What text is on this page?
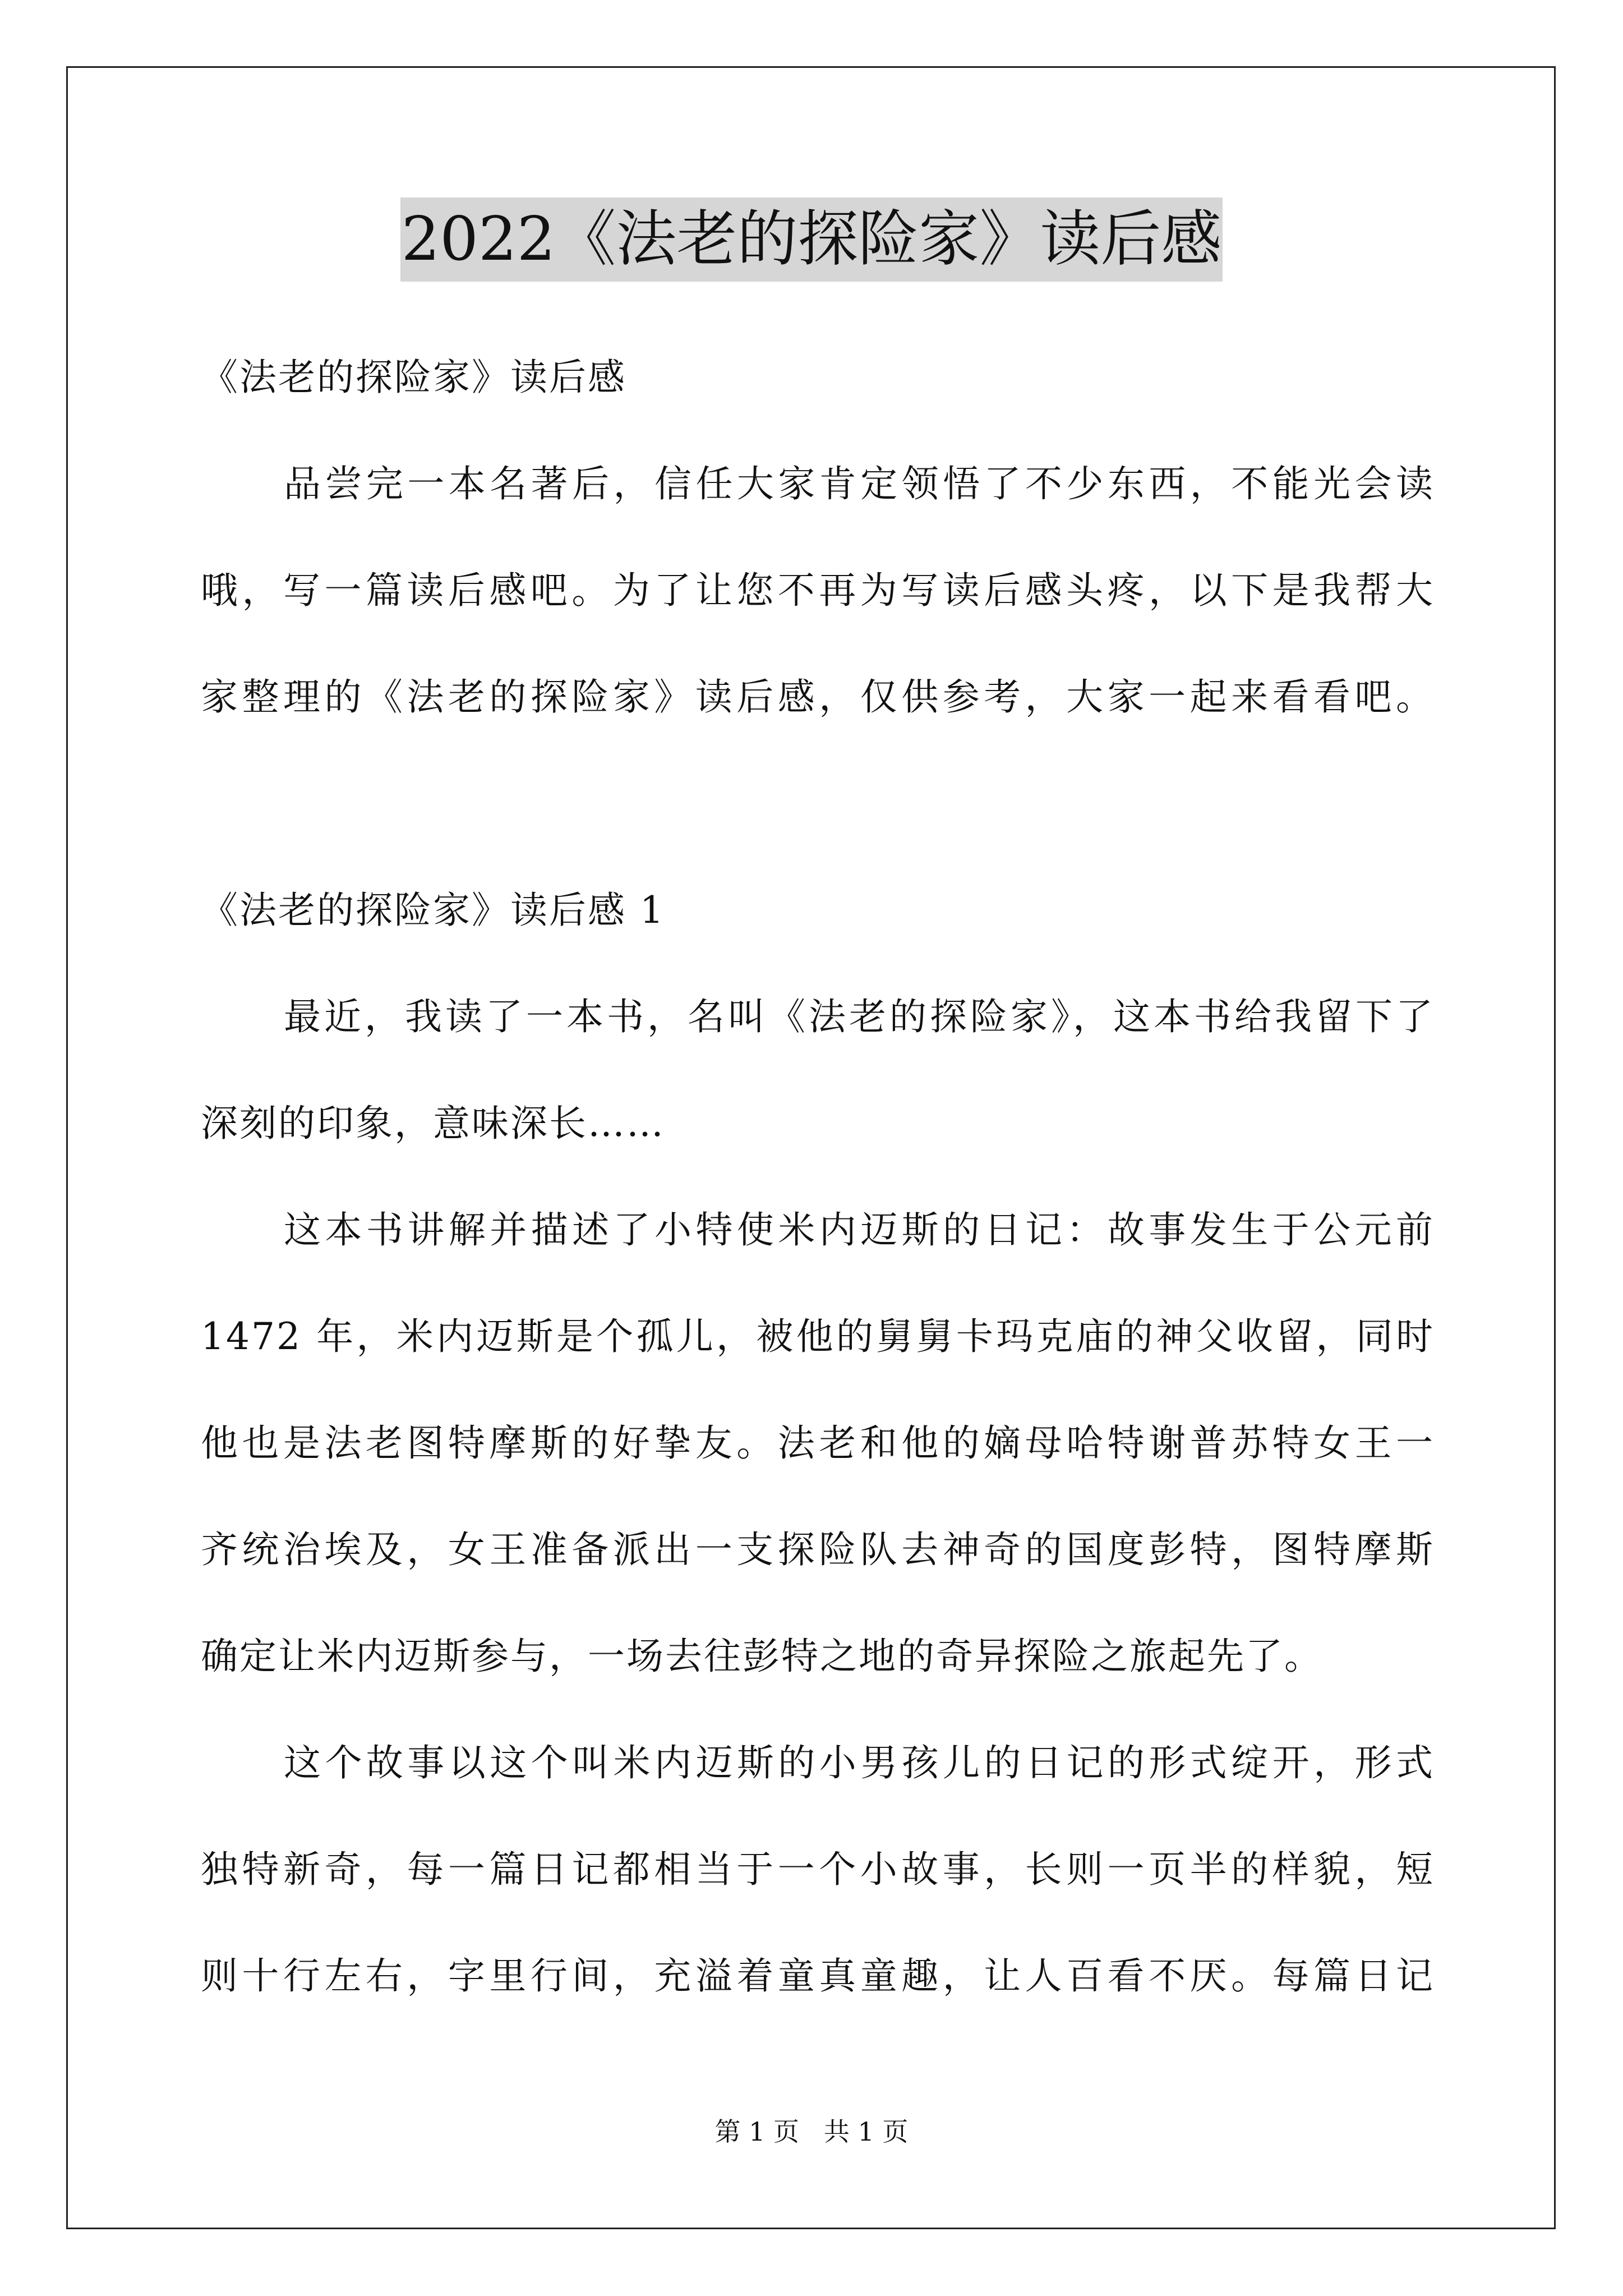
2022《法老的探险家》读后感
《法老的探险家》读后感
品尝完一本名著后，信任大家肯定领悟了不少东西，不能光会读
哦，写一篇读后感吧。为了让您不再为写读后感头疼，以下是我帮大
家整理的《法老的探险家》读后感，仅供参考，大家一起来看看吧。
《法老的探险家》读后感 1
最近，我读了一本书，名叫《法老的探险家》，这本书给我留下了
深刻的印象，意味深长……
这本书讲解并描述了小特使米内迈斯的日记：故事发生于公元前
1472 年，米内迈斯是个孤儿，被他的舅舅卡玛克庙的神父收留，同时
他也是法老图特摩斯的好挚友。法老和他的嫡母哈特谢普苏特女王一
齐统治埃及，女王准备派出一支探险队去神奇的国度彭特，图特摩斯
确定让米内迈斯参与，一场去往彭特之地的奇异探险之旅起先了。
这个故事以这个叫米内迈斯的小男孩儿的日记的形式绽开，形式
独特新奇，每一篇日记都相当于一个小故事，长则一页半的样貌，短
则十行左右，字里行间，充溢着童真童趣，让人百看不厌。每篇日记
第 1 页   共 1 页
